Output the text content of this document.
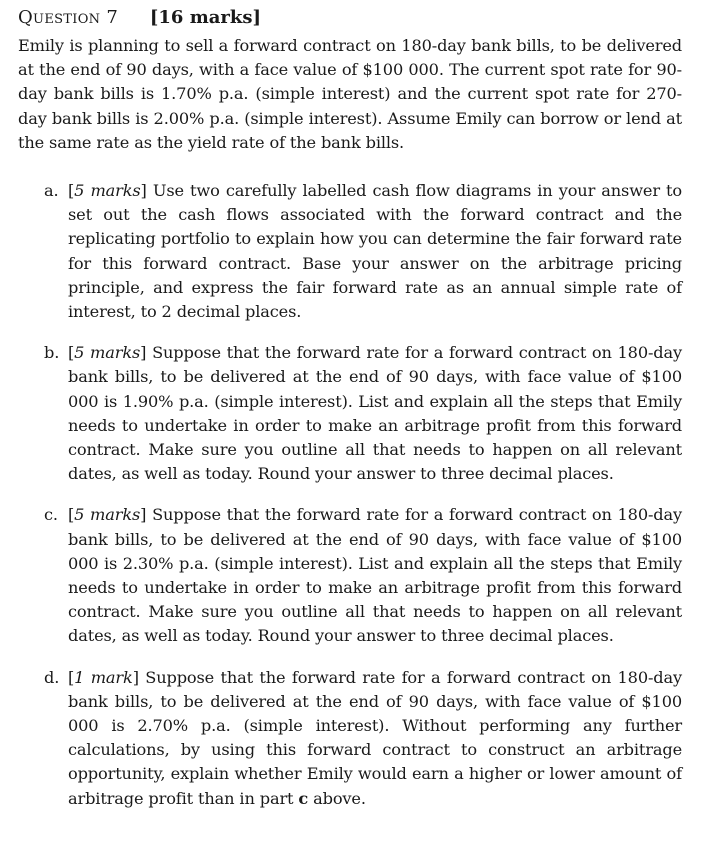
Question 7 [16 marks]

Emily is planning to sell a forward contract on 180-day bank bills, to be delivered at the end of 90 days, with a face value of $100 000. The current spot rate for 90-day bank bills is 1.70% p.a. (simple interest) and the current spot rate for 270-day bank bills is 2.00% p.a. (simple interest). Assume Emily can borrow or lend at the same rate as the yield rate of the bank bills.

a. [5 marks] Use two carefully labelled cash flow diagrams in your answer to set out the cash flows associated with the forward contract and the replicating portfolio to explain how you can determine the fair forward rate for this forward contract. Base your answer on the arbitrage pricing principle, and express the fair forward rate as an annual simple rate of interest, to 2 decimal places.
b. [5 marks] Suppose that the forward rate for a forward contract on 180-day bank bills, to be delivered at the end of 90 days, with face value of $100 000 is 1.90% p.a. (simple interest). List and explain all the steps that Emily needs to undertake in order to make an arbitrage profit from this forward contract. Make sure you outline all that needs to happen on all relevant dates, as well as today. Round your answer to three decimal places.
c. [5 marks] Suppose that the forward rate for a forward contract on 180-day bank bills, to be delivered at the end of 90 days, with face value of $100 000 is 2.30% p.a. (simple interest). List and explain all the steps that Emily needs to undertake in order to make an arbitrage profit from this forward contract. Make sure you outline all that needs to happen on all relevant dates, as well as today. Round your answer to three decimal places.
d. [1 mark] Suppose that the forward rate for a forward contract on 180-day bank bills, to be delivered at the end of 90 days, with face value of $100 000 is 2.70% p.a. (simple interest). Without performing any further calculations, by using this forward contract to construct an arbitrage opportunity, explain whether Emily would earn a higher or lower amount of arbitrage profit than in part c above.
